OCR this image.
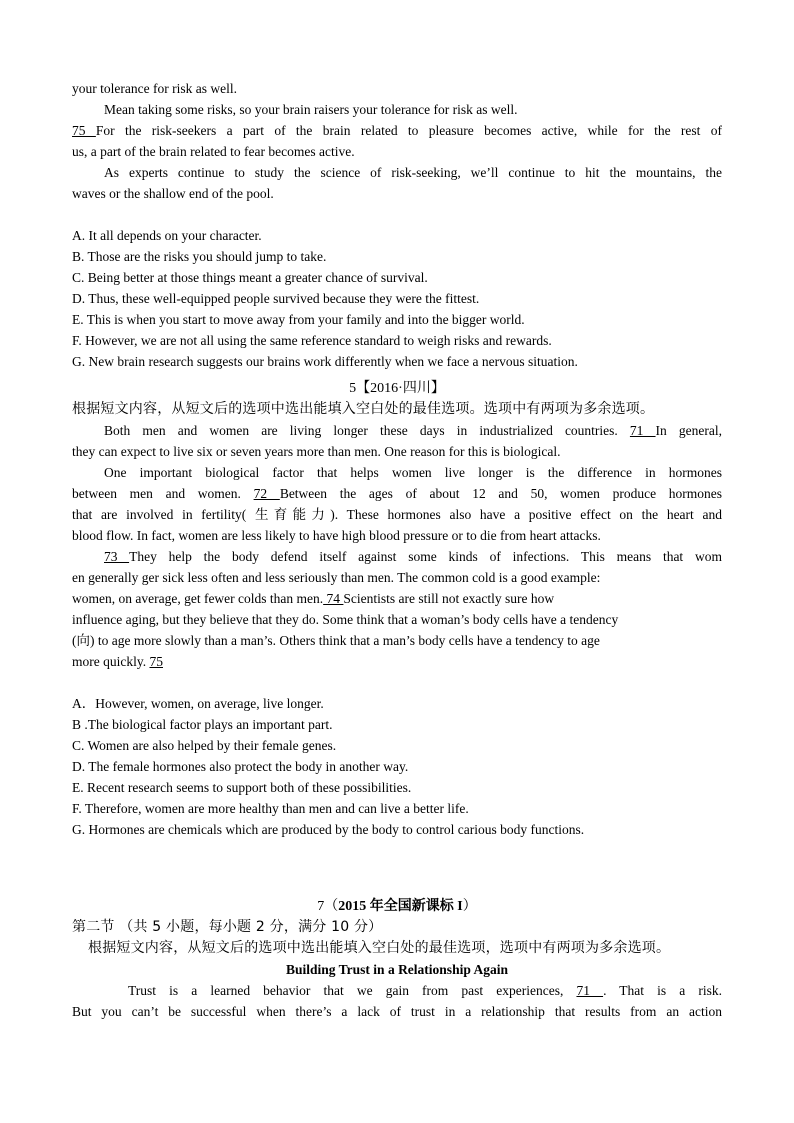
your tolerance for risk as well.
Mean taking some risks, so your brain raisers your tolerance for risk as well.
75 For the risk-seekers a part of the brain related to pleasure becomes active, while for the rest of
us, a part of the brain related to fear becomes active.
As experts continue to study the science of risk-seeking, we’ll continue to hit the mountains, the
waves or the shallow end of the pool.
A. It all depends on your character.
B. Those are the risks you should jump to take.
C. Being better at those things meant a greater chance of survival.
D. Thus, these well-equipped people survived because they were the fittest.
E. This is when you start to move away from your family and into the bigger world.
F. However, we are not all using the same reference standard to weigh risks and rewards.
G. New brain research suggests our brains work differently when we face a nervous situation.
5【2016·四川】
根据短文内容，从短文后的选项中选出能填入空白处的最佳选项。选项中有两项为多余选项。
Both men and women are living longer these days in industrialized countries. 71 In general,
they can expect to live six or seven years more than men. One reason for this is biological.
One important biological factor that helps women live longer is the difference in hormones
between men and women. 72 Between the ages of about 12 and 50, women produce hormones
that are involved in fertility( 生育能力). These hormones also have a positive effect on the heart and
blood flow. In fact, women are less likely to have high blood pressure or to die from heart attacks.
73 They help the body defend itself against some kinds of infections. This means that wom
en generally ger sick less often and less seriously than men. The common cold is a good example:
women, on average, get fewer colds than men. 74 Scientists are still not exactly sure how
influence aging, but they believe that they do. Some think that a woman’s body cells have a tendency
(向) to age more slowly than a man’s. Others think that a man’s body cells have a tendency to age
more quickly. 75
A．However, women, on average, live longer.
B .The biological factor plays an important part.
C. Women are also helped by their female genes.
D. The female hormones also protect the body in another way.
E. Recent research seems to support both of these possibilities.
F. Therefore, women are more healthy than men and can live a better life.
G. Hormones are chemicals which are produced by the body to control carious body functions.
7（2015 年全国新课标 I）
第二节 （共 5 小题，每小题 2 分，满分 10 分）
根据短文内容，从短文后的选项中选出能填入空白处的最佳选项，选项中有两项为多余选项。
Building Trust in a Relationship Again
Trust is a learned behavior that we gain from past experiences, 71 . That is a risk.
But you can’t be successful when there’s a lack of trust in a relationship that results from an action
